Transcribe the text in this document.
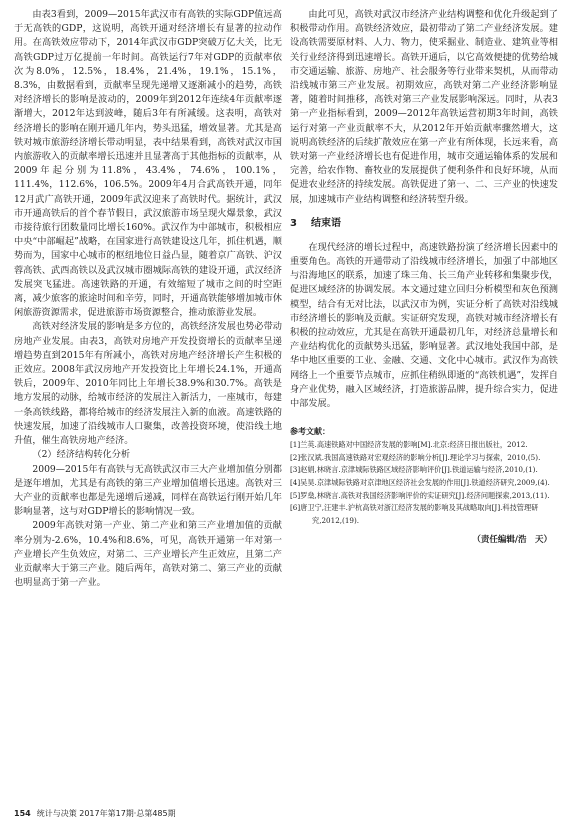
由表3看到，2009—2015年武汉市有高铁的实际GDP值远高于无高铁的GDP，这说明，高铁开通对经济增长有显著的拉动作用。在高铁效应带动下，2014年武汉市GDP突破万亿大关，比无高铁GDP过万亿提前一年时间。高铁运行7年对GDP的贡献率依次为8.0%，12.5%，18.4%，21.4%，19.1%，15.1%，8.3%，由数据看到，贡献率呈现先递增又逐渐减小的趋势，高铁对经济增长的影响是波动的，2009年到2012年连续4年贡献率逐渐增大，2012年达到波峰，随后3年有所减缓。这表明，高铁对经济增长的影响在刚开通几年内，势头迅猛，增效显著。尤其是高铁对城市旅游经济增长带动明显，表中结果看到，高铁对武汉市国内旅游收入的贡献率增长迅速并且显著高于其他指标的贡献率，从2009年起分别为11.8%，43.4%，74.6%，100.1%，111.4%，112.6%，106.5%。2009年4月合武高铁开通，同年12月武广高铁开通，2009年武汉迎来了高铁时代。据统计，武汉市开通高铁后的首个春节假日，武汉旅游市场呈现火爆景象，武汉市接待旅行团数量同比增长160%。武汉作为中部城市，积极相应中央“中部崛起”战略，在国家进行高铁建设这几年，抓住机遇，顺势而为，国家中心城市的枢纽地位日益凸显，随着京广高铁、沪汉蓉高铁、武西高铁以及武汉城市圈城际高铁的建设开通，武汉经济发展突飞猛进。高速铁路的开通，有效缩短了城市之间的时空距离，减少旅客的旅途时间和辛劳，同时，开通高铁能够增加城市休闲旅游资源需求，促进旅游市场资源整合，推动旅游业发展。

高铁对经济发展的影响是多方位的，高铁经济发展也势必带动房地产业发展。由表3，高铁对房地产开发投资增长的贡献率呈递增趋势直到2015年有所减小，高铁对房地产经济增长产生积极的正效应。2008年武汉房地产开发投资比上年增长24.1%，开通高铁后，2009年、2010年同比上年增长38.9%和30.7%。高铁是地方发展的动脉，给城市经济的发展注入新活力，一座城市，每建一条高铁线路，都将给城市的经济发展注入新的血液。高速铁路的快速发展，加速了沿线城市人口聚集，改善投资环境，使沿线土地升值，催生高铁房地产经济。

（2）经济结构转化分析

2009—2015年有高铁与无高铁武汉市三大产业增加值分别都是逐年增加，尤其是有高铁的第三产业增加值增长迅速。高铁对三大产业的贡献率也都是先递增后递减，同样在高铁运行刚开始几年影响显著，这与对GDP增长的影响情况一致。

2009年高铁对第一产业、第二产业和第三产业增加值的贡献率分别为-2.6%，10.4%和8.6%，可见，高铁开通第一年对第一产业增长产生负效应，对第二、三产业增长产生正效应，且第二产业贡献率大于第三产业。随后两年，高铁对第二、第三产业的贡献也明显高于第一产业。

由此可见，高铁对武汉市经济产业结构调整和优化升级起到了积极带动作用。高铁经济效应，最初带动了第二产业经济发展。建设高铁需要原材料、人力、物力，使采掘业、制造业、建筑业等相关行业经济得到迅速增长。高铁开通后，以它高效便捷的优势给城市交通运输、旅游、房地产、社会服务等行业带来契机，从而带动沿线城市第三产业发展。初期效应，高铁对第二产业经济影响显著，随着时间推移，高铁对第三产业发展影响深远。同时，从表3第一产业指标看到，2009—2012年高铁运营初期3年时间，高铁运行对第一产业贡献率不大，从2012年开始贡献率骤然增大，这说明高铁经济的后续扩散效应在第一产业有所体现，长远来看，高铁对第一产业经济增长也有促进作用，城市交通运输体系的发展和完善，给农作物、畜牧业的发展提供了便利条件和良好环境，从而促进农业经济的持续发展。高铁促进了第一、二、三产业的快速发展，加速城市产业结构调整和经济转型升级。

3 结束语

在现代经济的增长过程中，高速铁路扮演了经济增长因素中的重要角色。高铁的开通带动了沿线城市经济增长，加强了中部地区与沿海地区的联系，加速了珠三角、长三角产业转移和集聚步伐，促进区域经济的协调发展。本文通过建立回归分析模型和灰色预测模型，结合有无对比法，以武汉市为例，实证分析了高铁对沿线城市经济增长的影响及贡献。实证研究发现，高铁对城市经济增长有积极的拉动效应，尤其是在高铁开通最初几年，对经济总量增长和产业结构优化的贡献势头迅猛，影响显著。武汉地处我国中部，是华中地区重要的工业、金融、交通、文化中心城市。武汉作为高铁网络上一个重要节点城市，应抓住稍纵即逝的“高铁机遇”，发挥自身产业优势，融入区域经济，打造旅游品牌，提升综合实力，促进中部发展。

参考文献：

[1]兰英.高速铁路对中国经济发展的影响[M].北京:经济日报出版社，2012.

[2]张汉斌.我国高速铁路对宏观经济的影响分析[J].理论学习与探索，2010,(5).

[3]赵娟,林晓言.京津城际铁路区域经济影响评价[J].铁道运输与经济,2010,(1).

[4]吴昊.京津城际铁路对京津地区经济社会发展的作用[J].铁道经济研究,2009,(4).

[5]罗燊,林晓言.高铁对我国经济影响评价的实证研究[J].经济问题探索,2013,(11).

[6]唐卫宁,汪建丰.沪杭高铁对浙江经济发展的影响及其战略取向[J].科技管理研究,2012,(19).

（责任编辑/浩　天）
154 统计与决策 2017年第17期·总第485期
